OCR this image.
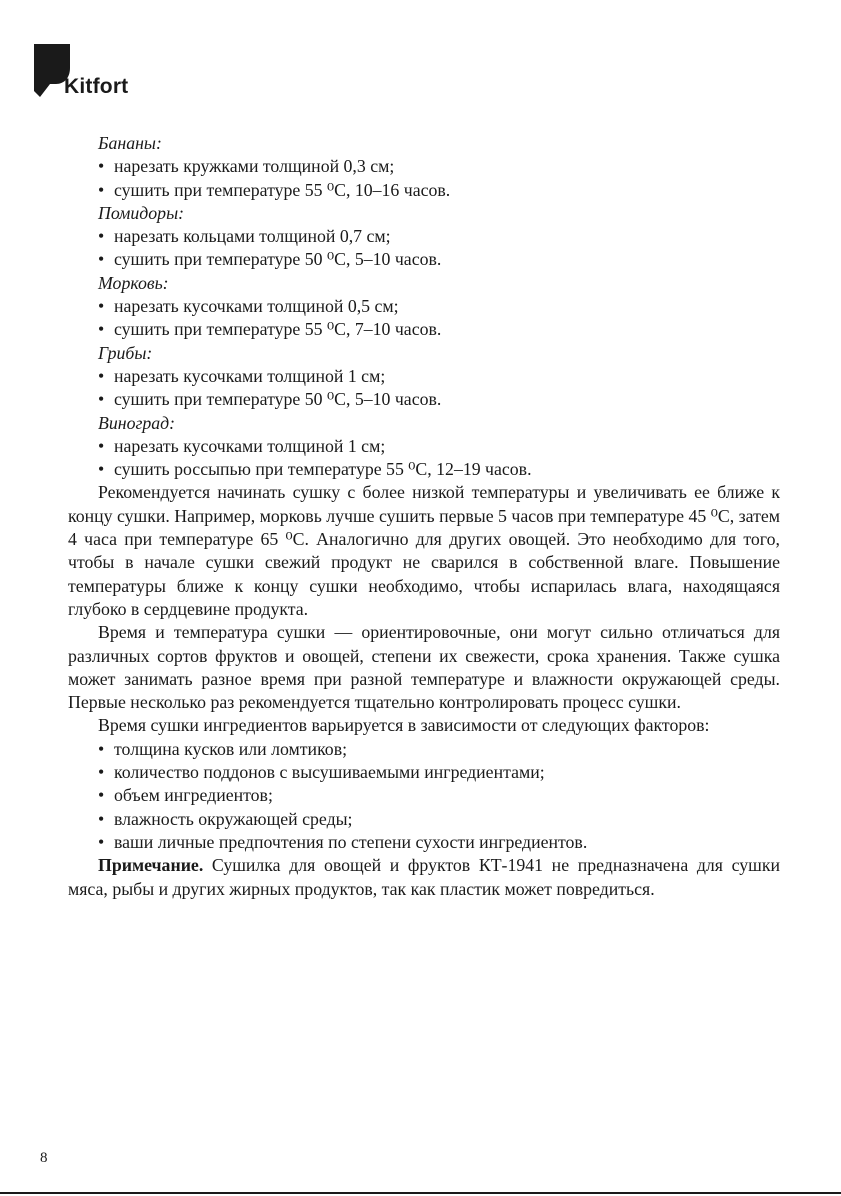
Kitfort

Бананы:

• нарезать кружками толщиной 0,3 см;

• сушить при температуре 55 ⁰С, 10–16 часов.

Помидоры:

• нарезать кольцами толщиной 0,7 см;

• сушить при температуре 50 ⁰С, 5–10 часов.

Морковь:

• нарезать кусочками толщиной 0,5 см;

• сушить при температуре 55 ⁰С, 7–10 часов.

Грибы:

• нарезать кусочками толщиной 1 см;

• сушить при температуре 50 ⁰С, 5–10 часов.

Виноград:

• нарезать кусочками толщиной 1 см;

• сушить россыпью при температуре 55 ⁰С, 12–19 часов.

Рекомендуется начинать сушку с более низкой температуры и увеличивать ее ближе к концу сушки. Например, морковь лучше сушить первые 5 часов при температуре 45 ⁰С, затем 4 часа при температуре 65 ⁰С. Аналогично для других овощей. Это необходимо для того, чтобы в начале сушки свежий продукт не сварился в собственной влаге. Повышение температуры ближе к концу сушки необходимо, чтобы испарилась влага, находящаяся глубоко в сердцевине продукта.

Время и температура сушки — ориентировочные, они могут сильно отличаться для различных сортов фруктов и овощей, степени их свежести, срока хранения. Также сушка может занимать разное время при разной температуре и влажности окружающей среды. Первые несколько раз рекомендуется тщательно контролировать процесс сушки.

Время сушки ингредиентов варьируется в зависимости от следующих факторов:

• толщина кусков или ломтиков;

• количество поддонов с высушиваемыми ингредиентами;

• объем ингредиентов;

• влажность окружающей среды;

• ваши личные предпочтения по степени сухости ингредиентов.

Примечание. Сушилка для овощей и фруктов КТ-1941 не предназначена для сушки мяса, рыбы и других жирных продуктов, так как пластик может повредиться.

8
